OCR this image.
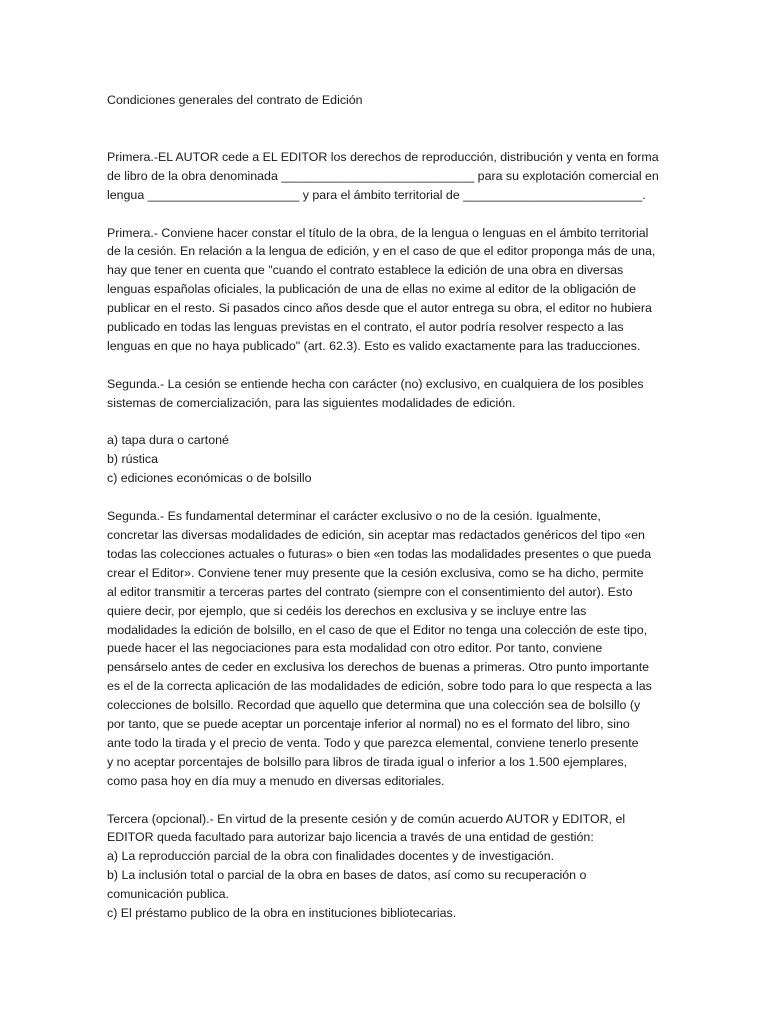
Condiciones generales del contrato de Edición

Primera.-EL AUTOR cede a EL EDITOR los derechos de reproducción, distribución y venta en forma
de libro de la obra denominada ____________________________ para su explotación comercial en
lengua ______________________ y para el ámbito territorial de __________________________.

Primera.- Conviene hacer constar el título de la obra, de la lengua o lenguas en el ámbito territorial
de la cesión. En relación a la lengua de edición, y en el caso de que el editor proponga más de una,
hay que tener en cuenta que "cuando el contrato establece la edición de una obra en diversas
lenguas españolas oficiales, la publicación de una de ellas no exime al editor de la obligación de
publicar en el resto. Si pasados cinco años desde que el autor entrega su obra, el editor no hubiera
publicado en todas las lenguas previstas en el contrato, el autor podría resolver respecto a las
lenguas en que no haya publicado" (art. 62.3). Esto es valido exactamente para las traducciones.

Segunda.- La cesión se entiende hecha con carácter (no) exclusivo, en cualquiera de los posibles
sistemas de comercialización, para las siguientes modalidades de edición.

a) tapa dura o cartoné
b) rústica
c) ediciones económicas o de bolsillo

Segunda.- Es fundamental determinar el carácter exclusivo o no de la cesión. Igualmente,
concretar las diversas modalidades de edición, sin aceptar mas redactados genéricos del tipo «en
todas las colecciones actuales o futuras» o bien «en todas las modalidades presentes o que pueda
crear el Editor». Conviene tener muy presente que la cesión exclusiva, como se ha dicho, permite
al editor transmitir a terceras partes del contrato (siempre con el consentimiento del autor). Esto
quiere decir, por ejemplo, que si cedéis los derechos en exclusiva y se incluye entre las
modalidades la edición de bolsillo, en el caso de que el Editor no tenga una colección de este tipo,
puede hacer el las negociaciones para esta modalidad con otro editor. Por tanto, conviene
pensárselo antes de ceder en exclusiva los derechos de buenas a primeras. Otro punto importante
es el de la correcta aplicación de las modalidades de edición, sobre todo para lo que respecta a las
colecciones de bolsillo. Recordad que aquello que determina que una colección sea de bolsillo (y
por tanto, que se puede aceptar un porcentaje inferior al normal) no es el formato del libro, sino
ante todo la tirada y el precio de venta. Todo y que parezca elemental, conviene tenerlo presente
y no aceptar porcentajes de bolsillo para libros de tirada igual o inferior a los 1.500 ejemplares,
como pasa hoy en día muy a menudo en diversas editoriales.

Tercera (opcional).- En virtud de la presente cesión y de común acuerdo AUTOR y EDITOR, el
EDITOR queda facultado para autorizar bajo licencia a través de una entidad de gestión:
a) La reproducción parcial de la obra con finalidades docentes y de investigación.
b) La inclusión total o parcial de la obra en bases de datos, así como su recuperación o
comunicación publica.
c) El préstamo publico de la obra en instituciones bibliotecarias.
